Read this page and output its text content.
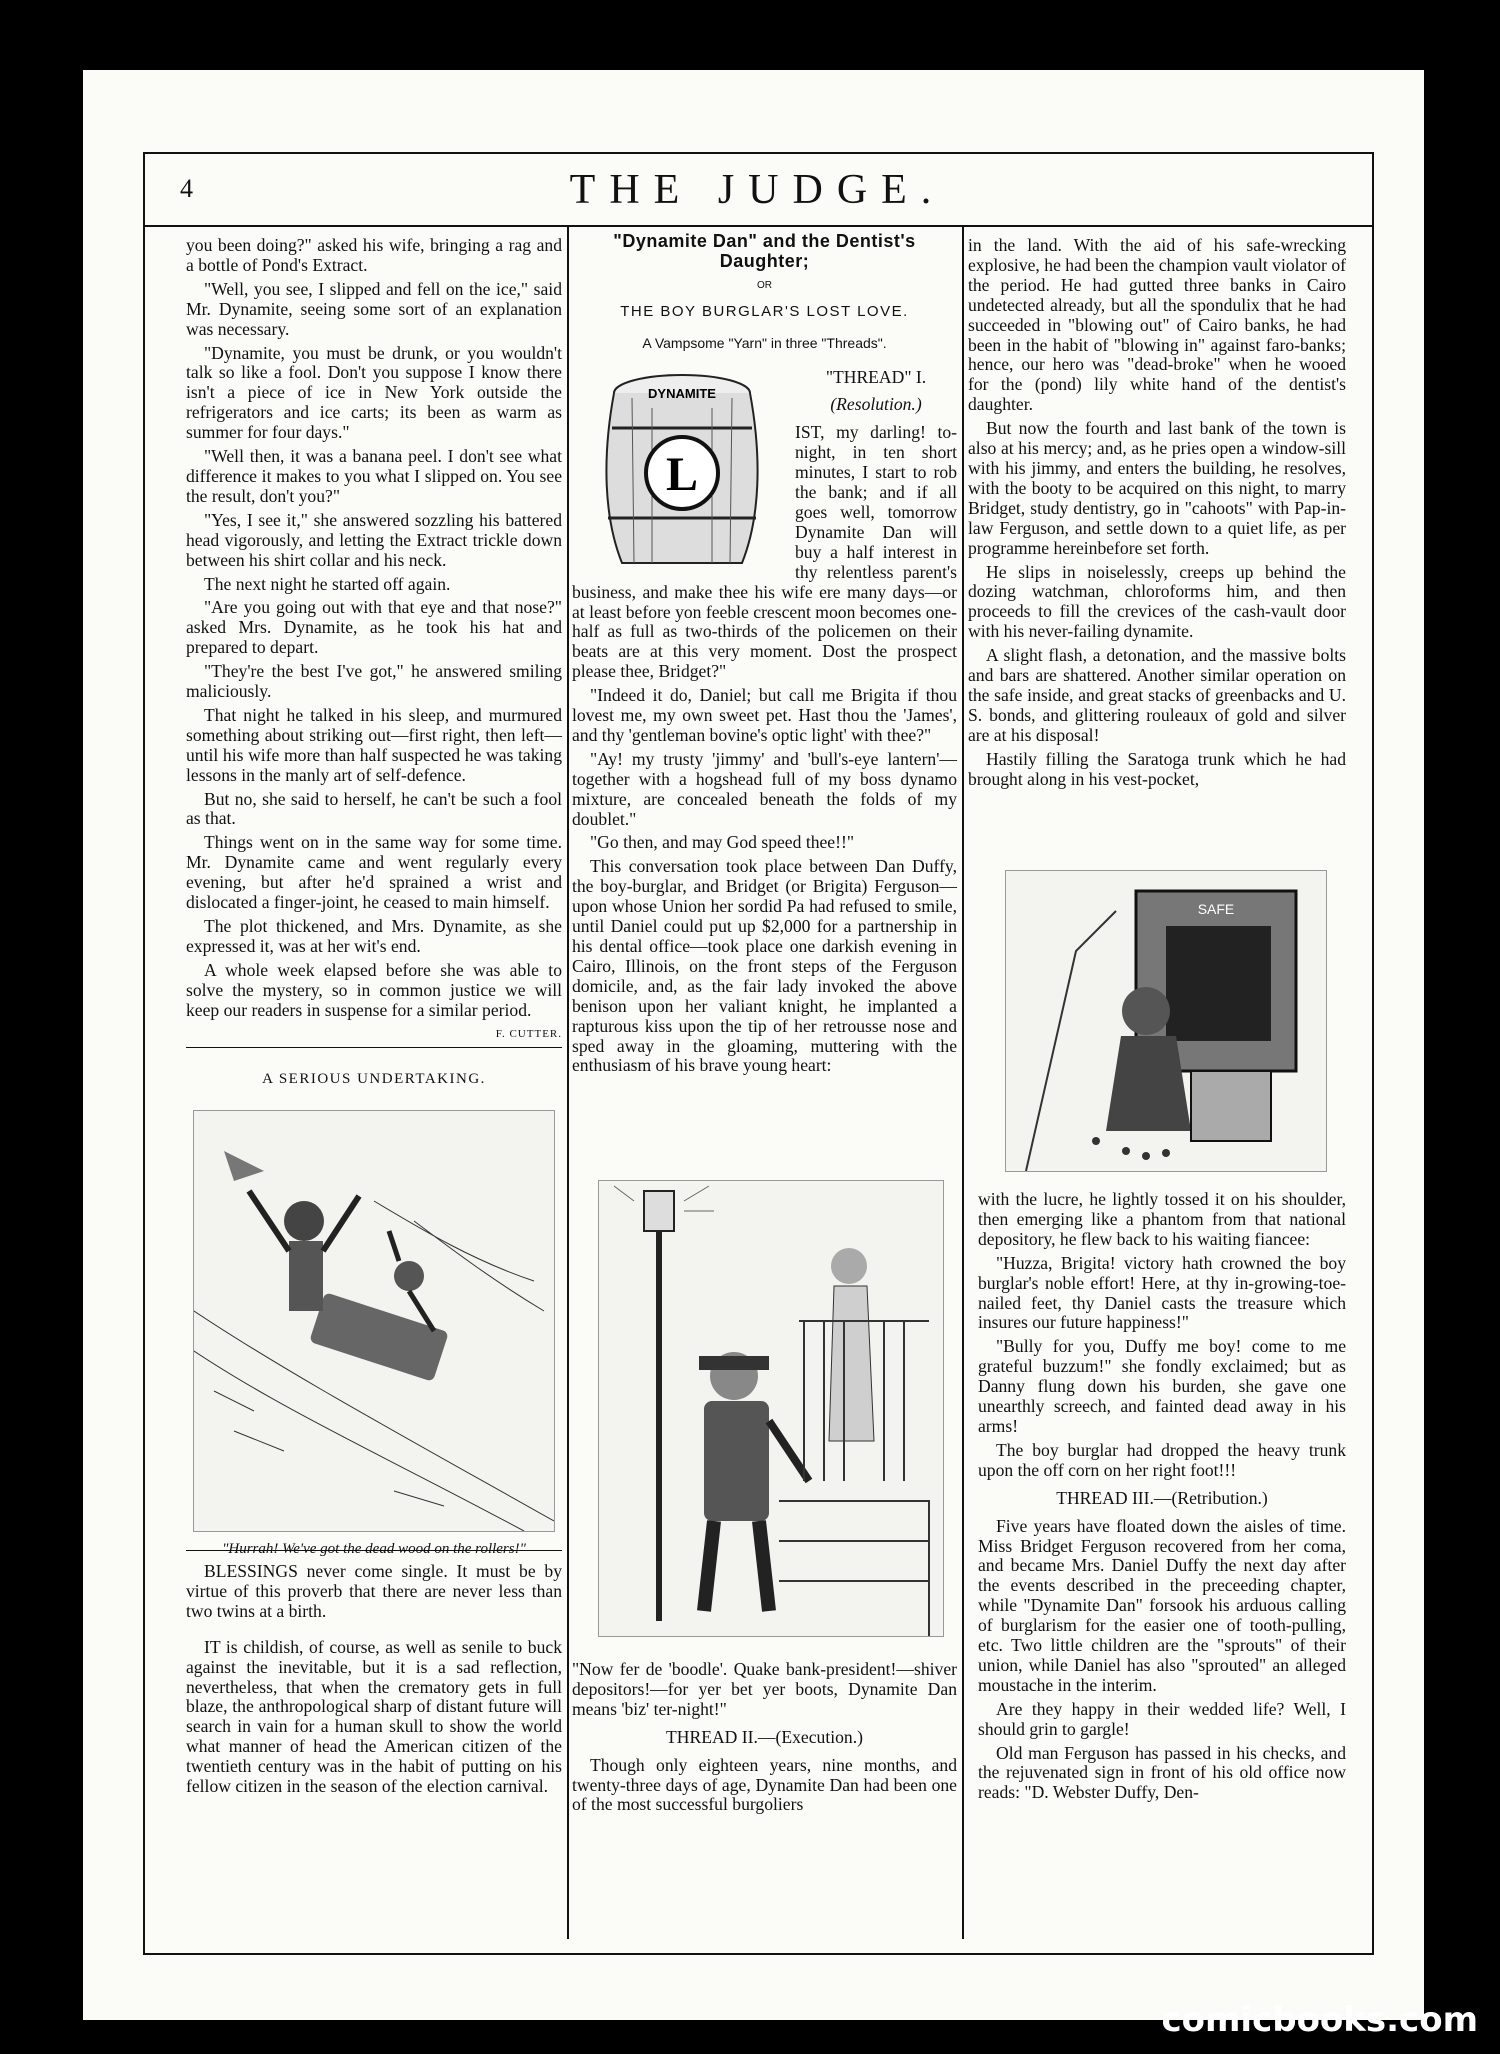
4	THE JUDGE.

you been doing?" asked his wife, bringing a rag and a bottle of Pond's Extract.

"Well, you see, I slipped and fell on the ice," said Mr. Dynamite, seeing some sort of an explanation was necessary.

"Dynamite, you must be drunk, or you wouldn't talk so like a fool. Don't you suppose I know there isn't a piece of ice in New York outside the refrigerators and ice carts; its been as warm as summer for four days."

"Well then, it was a banana peel. I don't see what difference it makes to you what I slipped on. You see the result, don't you?"

"Yes, I see it," she answered sozzling his battered head vigorously, and letting the Extract trickle down between his shirt collar and his neck.

The next night he started off again.

"Are you going out with that eye and that nose?" asked Mrs. Dynamite, as he took his hat and prepared to depart.

"They're the best I've got," he answered smiling maliciously.

That night he talked in his sleep, and murmured something about striking out—first right, then left—until his wife more than half suspected he was taking lessons in the manly art of self-defence.

But no, she said to herself, he can't be such a fool as that.

Things went on in the same way for some time. Mr. Dynamite came and went regularly every evening, but after he'd sprained a wrist and dislocated a finger-joint, he ceased to main himself.

The plot thickened, and Mrs. Dynamite, as she expressed it, was at her wit's end.

A whole week elapsed before she was able to solve the mystery, so in common justice we will keep our readers in suspense for a similar period.

F. CUTTER.
A SERIOUS UNDERTAKING.
"Hurrah! We've got the dead wood on the rollers!"

BLESSINGS never come single. It must be by virtue of this proverb that there are never less than two twins at a birth.

IT is childish, of course, as well as senile to buck against the inevitable, but it is a sad reflection, nevertheless, that when the crematory gets in full blaze, the anthropological sharp of distant future will search in vain for a human skull to show the world what manner of head the American citizen of the twentieth century was in the habit of putting on his fellow citizen in the season of the election carnival.

"Dynamite Dan" and the Dentist's Daughter;
OR
THE BOY BURGLAR'S LOST LOVE.
A Vampsome "Yarn" in three "Threads".
DYNAMITE
L
"THREAD" I.
(Resolution.)

IST, my darling! to-night, in ten short minutes, I start to rob the bank; and if all goes well, tomorrow Dynamite Dan will buy a half interest in thy relentless parent's business, and make thee his wife ere many days—or at least before yon feeble crescent moon becomes one-half as full as two-thirds of the policemen on their beats are at this very moment. Dost the prospect please thee, Bridget?"

"Indeed it do, Daniel; but call me Brigita if thou lovest me, my own sweet pet. Hast thou the 'James', and thy 'gentleman bovine's optic light' with thee?"

"Ay! my trusty 'jimmy' and 'bull's-eye lantern'—together with a hogshead full of my boss dynamo mixture, are concealed beneath the folds of my doublet."

"Go then, and may God speed thee!!"

This conversation took place between Dan Duffy, the boy-burglar, and Bridget (or Brigita) Ferguson—upon whose Union her sordid Pa had refused to smile, until Daniel could put up $2,000 for a partnership in his dental office—took place one darkish evening in Cairo, Illinois, on the front steps of the Ferguson domicile, and, as the fair lady invoked the above benison upon her valiant knight, he implanted a rapturous kiss upon the tip of her retrousse nose and sped away in the gloaming, muttering with the enthusiasm of his brave young heart:

"Now fer de 'boodle'. Quake bank-president!—shiver depositors!—for yer bet yer boots, Dynamite Dan means 'biz' ter-night!"

THREAD II.—(Execution.)

Though only eighteen years, nine months, and twenty-three days of age, Dynamite Dan had been one of the most successful burgoliers

in the land. With the aid of his safe-wrecking explosive, he had been the champion vault violator of the period. He had gutted three banks in Cairo undetected already, but all the spondulix that he had succeeded in "blowing out" of Cairo banks, he had been in the habit of "blowing in" against faro-banks; hence, our hero was "dead-broke" when he wooed for the (pond) lily white hand of the dentist's daughter.

But now the fourth and last bank of the town is also at his mercy; and, as he pries open a window-sill with his jimmy, and enters the building, he resolves, with the booty to be acquired on this night, to marry Bridget, study dentistry, go in "cahoots" with Pap-in-law Ferguson, and settle down to a quiet life, as per programme hereinbefore set forth.

He slips in noiselessly, creeps up behind the dozing watchman, chloroforms him, and then proceeds to fill the crevices of the cash-vault door with his never-failing dynamite.

A slight flash, a detonation, and the massive bolts and bars are shattered. Another similar operation on the safe inside, and great stacks of greenbacks and U. S. bonds, and glittering rouleaux of gold and silver are at his disposal!

Hastily filling the Saratoga trunk which he had brought along in his vest-pocket,

SAFE

with the lucre, he lightly tossed it on his shoulder, then emerging like a phantom from that national depository, he flew back to his waiting fiancee:

"Huzza, Brigita! victory hath crowned the boy burglar's noble effort! Here, at thy in-growing-toe-nailed feet, thy Daniel casts the treasure which insures our future happiness!"

"Bully for you, Duffy me boy! come to me grateful buzzum!" she fondly exclaimed; but as Danny flung down his burden, she gave one unearthly screech, and fainted dead away in his arms!

The boy burglar had dropped the heavy trunk upon the off corn on her right foot!!!

THREAD III.—(Retribution.)

Five years have floated down the aisles of time. Miss Bridget Ferguson recovered from her coma, and became Mrs. Daniel Duffy the next day after the events described in the preceeding chapter, while "Dynamite Dan" forsook his arduous calling of burglarism for the easier one of tooth-pulling, etc. Two little children are the "sprouts" of their union, while Daniel has also "sprouted" an alleged moustache in the interim.

Are they happy in their wedded life? Well, I should grin to gargle!

Old man Ferguson has passed in his checks, and the rejuvenated sign in front of his old office now reads: "D. Webster Duffy, Den-

comicbooks.com
